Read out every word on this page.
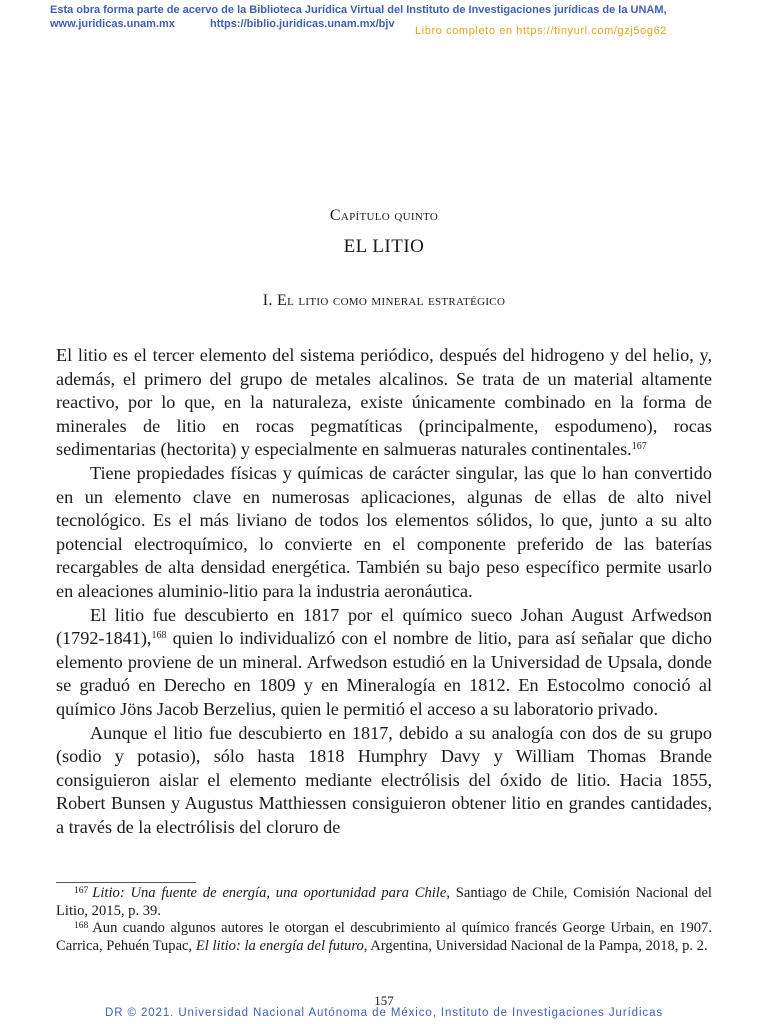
Esta obra forma parte de acervo de la Biblioteca Jurídica Virtual del Instituto de Investigaciones jurídicas de la UNAM,
www.juridicas.unam.mx	https://biblio.juridicas.unam.mx/bjv
Libro completo en https://tinyurl.com/gzj5og62
Capítulo quinto
EL LITIO
I. El litio como mineral estratégico

El litio es el tercer elemento del sistema periódico, después del hidrogeno y del helio, y, además, el primero del grupo de metales alcalinos. Se trata de un material altamente reactivo, por lo que, en la naturaleza, existe únicamente combinado en la forma de minerales de litio en rocas pegmatíticas (principalmente, espodumeno), rocas sedimentarias (hectorita) y especialmente en salmueras naturales continentales.$^{167}$

Tiene propiedades físicas y químicas de carácter singular, las que lo han convertido en un elemento clave en numerosas aplicaciones, algunas de ellas de alto nivel tecnológico. Es el más liviano de todos los elementos sólidos, lo que, junto a su alto potencial electroquímico, lo convierte en el componente preferido de las baterías recargables de alta densidad energética. También su bajo peso específico permite usarlo en aleaciones aluminio-litio para la industria aeronáutica.

El litio fue descubierto en 1817 por el químico sueco Johan August Arfwedson (1792-1841),$^{168}$ quien lo individualizó con el nombre de litio, para así señalar que dicho elemento proviene de un mineral. Arfwedson estudió en la Universidad de Upsala, donde se graduó en Derecho en 1809 y en Mineralogía en 1812. En Estocolmo conoció al químico Jöns Jacob Berzelius, quien le permitió el acceso a su laboratorio privado.

Aunque el litio fue descubierto en 1817, debido a su analogía con dos de su grupo (sodio y potasio), sólo hasta 1818 Humphry Davy y William Thomas Brande consiguieron aislar el elemento mediante electrólisis del óxido de litio. Hacia 1855, Robert Bunsen y Augustus Matthiessen consiguieron obtener litio en grandes cantidades, a través de la electrólisis del cloruro de

$^{167}$ Litio: Una fuente de energía, una oportunidad para Chile, Santiago de Chile, Comisión Nacional del Litio, 2015, p. 39.

$^{168}$ Aun cuando algunos autores le otorgan el descubrimiento al químico francés George Urbain, en 1907. Carrica, Pehuén Tupac, El litio: la energía del futuro, Argentina, Universidad Nacional de la Pampa, 2018, p. 2.

157
DR © 2021. Universidad Nacional Autónoma de México, Instituto de Investigaciones Jurídicas
